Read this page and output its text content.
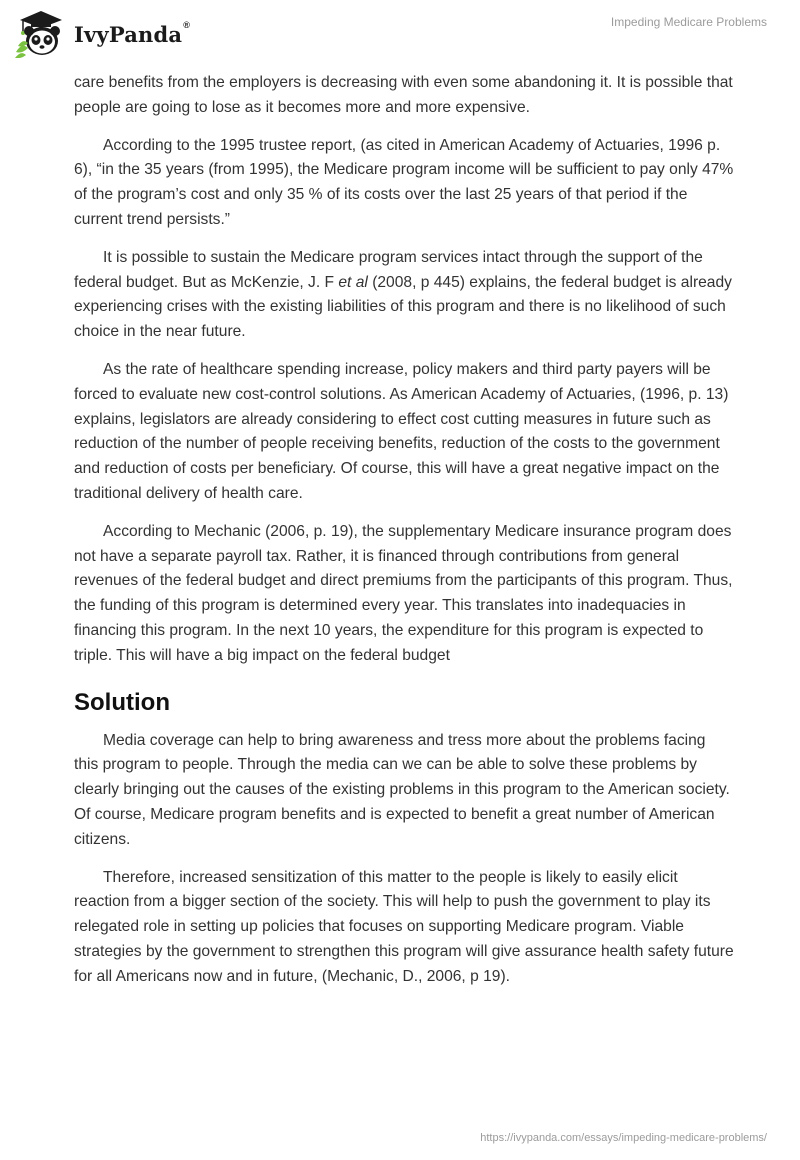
IvyPanda®	Impeding Medicare Problems

care benefits from the employers is decreasing with even some abandoning it. It is possible that people are going to lose as it becomes more and more expensive.

According to the 1995 trustee report, (as cited in American Academy of Actuaries, 1996 p. 6), “in the 35 years (from 1995), the Medicare program income will be sufficient to pay only 47% of the program’s cost and only 35 % of its costs over the last 25 years of that period if the current trend persists.”

It is possible to sustain the Medicare program services intact through the support of the federal budget. But as McKenzie, J. F et al (2008, p 445) explains, the federal budget is already experiencing crises with the existing liabilities of this program and there is no likelihood of such choice in the near future.

As the rate of healthcare spending increase, policy makers and third party payers will be forced to evaluate new cost-control solutions. As American Academy of Actuaries, (1996, p. 13) explains, legislators are already considering to effect cost cutting measures in future such as reduction of the number of people receiving benefits, reduction of the costs to the government and reduction of costs per beneficiary. Of course, this will have a great negative impact on the traditional delivery of health care.

According to Mechanic (2006, p. 19), the supplementary Medicare insurance program does not have a separate payroll tax. Rather, it is financed through contributions from general revenues of the federal budget and direct premiums from the participants of this program. Thus, the funding of this program is determined every year. This translates into inadequacies in financing this program. In the next 10 years, the expenditure for this program is expected to triple. This will have a big impact on the federal budget

Solution

Media coverage can help to bring awareness and tress more about the problems facing this program to people. Through the media can we can be able to solve these problems by clearly bringing out the causes of the existing problems in this program to the American society. Of course, Medicare program benefits and is expected to benefit a great number of American citizens.

Therefore, increased sensitization of this matter to the people is likely to easily elicit reaction from a bigger section of the society. This will help to push the government to play its relegated role in setting up policies that focuses on supporting Medicare program. Viable strategies by the government to strengthen this program will give assurance health safety future for all Americans now and in future, (Mechanic, D., 2006, p 19).

https://ivypanda.com/essays/impeding-medicare-problems/
